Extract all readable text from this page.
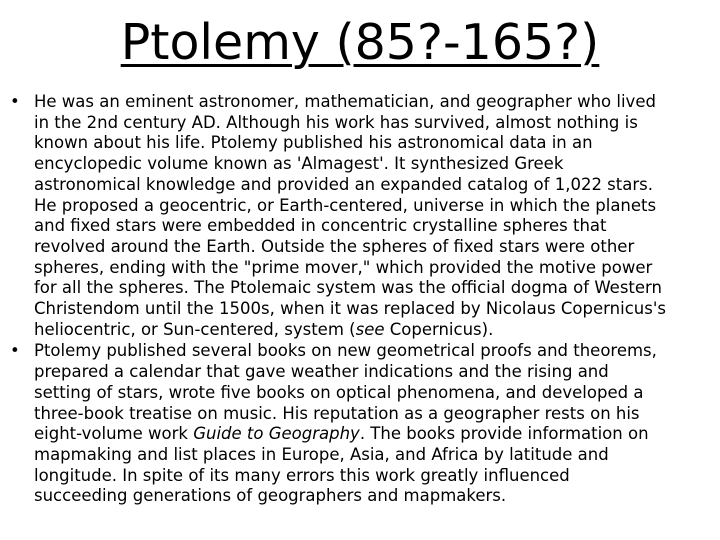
Ptolemy (85?-165?)
• He was an eminent astronomer, mathematician, and geographer who lived
in the 2nd century AD. Although his work has survived, almost nothing is
known about his life. Ptolemy published his astronomical data in an
encyclopedic volume known as 'Almagest'. It synthesized Greek
astronomical knowledge and provided an expanded catalog of 1,022 stars.
He proposed a geocentric, or Earth-centered, universe in which the planets
and fixed stars were embedded in concentric crystalline spheres that
revolved around the Earth. Outside the spheres of fixed stars were other
spheres, ending with the "prime mover," which provided the motive power
for all the spheres. The Ptolemaic system was the official dogma of Western
Christendom until the 1500s, when it was replaced by Nicolaus Copernicus's
heliocentric, or Sun-centered, system (see Copernicus).
• Ptolemy published several books on new geometrical proofs and theorems,
prepared a calendar that gave weather indications and the rising and
setting of stars, wrote five books on optical phenomena, and developed a
three-book treatise on music. His reputation as a geographer rests on his
eight-volume work Guide to Geography. The books provide information on
mapmaking and list places in Europe, Asia, and Africa by latitude and
longitude. In spite of its many errors this work greatly influenced
succeeding generations of geographers and mapmakers.
